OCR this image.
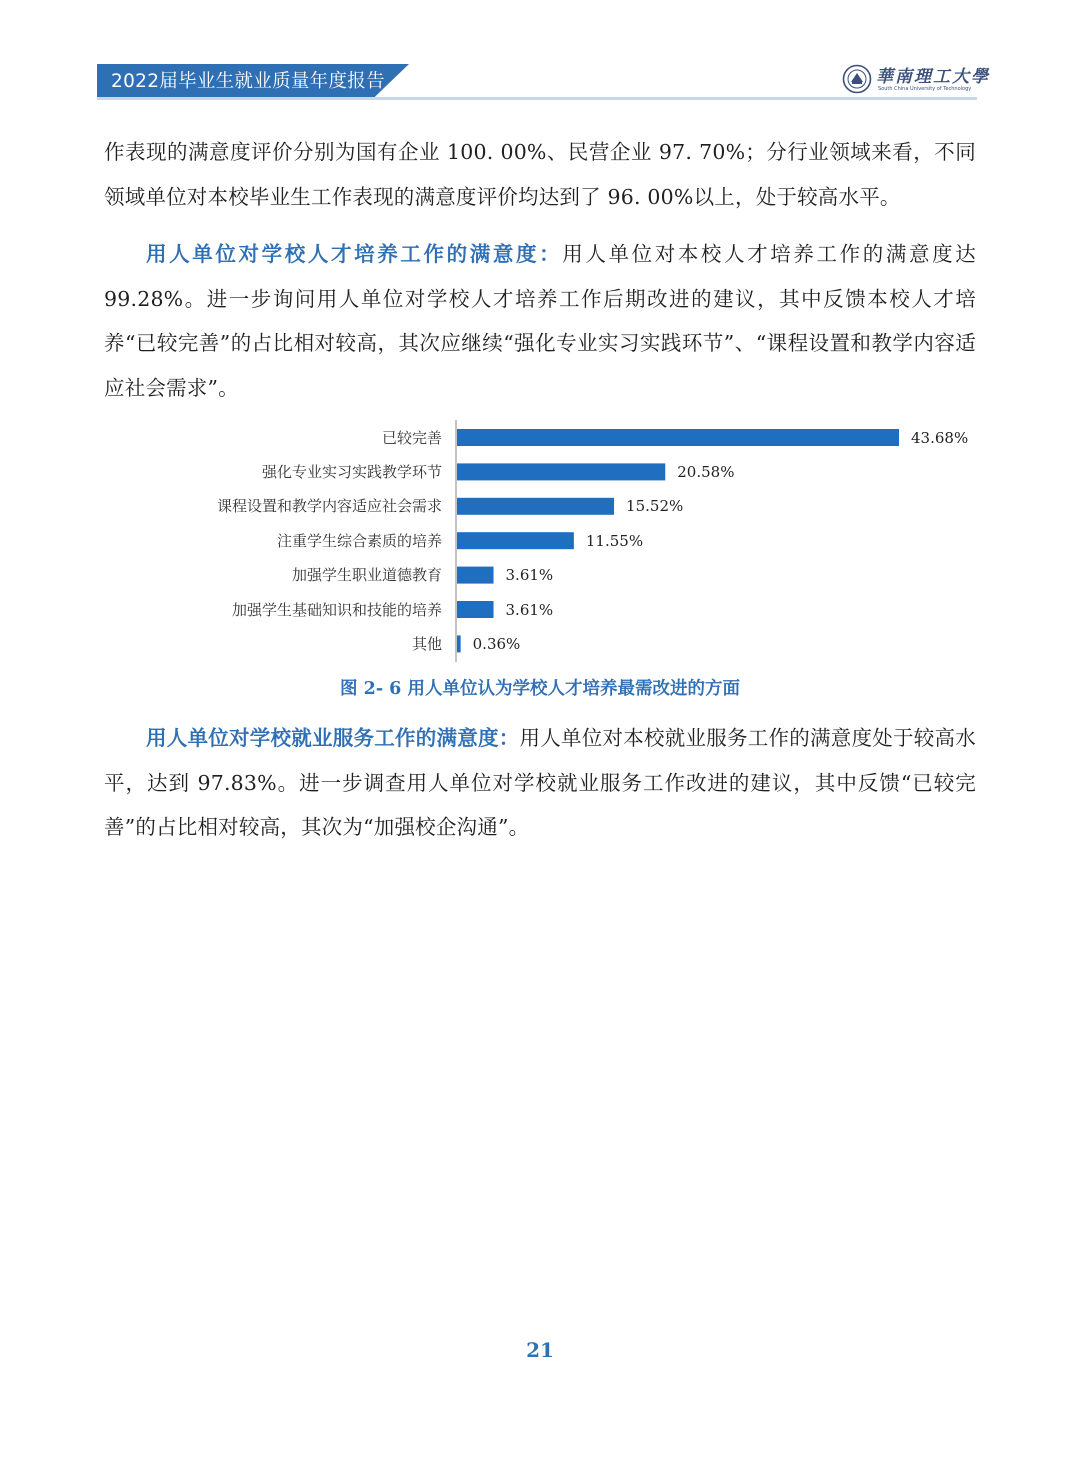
2022届毕业生就业质量年度报告	華南理工大學
South China University of Technology
作表现的满意度评价分别为国有企业 100. 00%、民营企业 97. 70%；分行业领域来看，不同领域单位对本校毕业生工作表现的满意度评价均达到了 96. 00%以上，处于较高水平。
用人单位对学校人才培养工作的满意度：用人单位对本校人才培养工作的满意度达 99.28%。进一步询问用人单位对学校人才培养工作后期改进的建议，其中反馈本校人才培养“已较完善”的占比相对较高，其次应继续“强化专业实习实践环节”、“课程设置和教学内容适应社会需求”。
已较完善	43.68%
强化专业实习实践教学环节	20.58%
课程设置和教学内容适应社会需求	15.52%
注重学生综合素质的培养	11.55%
加强学生职业道德教育	3.61%
加强学生基础知识和技能的培养	3.61%
其他 0.36%
图 2- 6 用人单位认为学校人才培养最需改进的方面
用人单位对学校就业服务工作的满意度：用人单位对本校就业服务工作的满意度处于较高水平，达到 97.83%。进一步调查用人单位对学校就业服务工作改进的建议，其中反馈“已较完善”的占比相对较高，其次为“加强校企沟通”。
21
